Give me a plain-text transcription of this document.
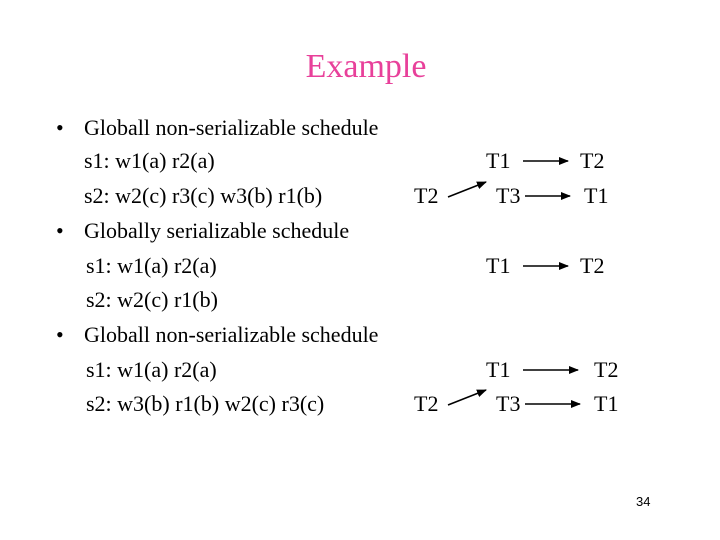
Example
• Globall non-serializable schedule
s1: w1(a) r2(a)
s2: w2(c) r3(c) w3(b) r1(b)
T1	T2
T2	T3	T1
• Globally serializable schedule
s1: w1(a) r2(a)
s2: w2(c) r1(b)
T1	T2
• Globall non-serializable schedule
s1: w1(a) r2(a)
s2: w3(b) r1(b) w2(c) r3(c)
T1	T2
T2	T3	T1
34
